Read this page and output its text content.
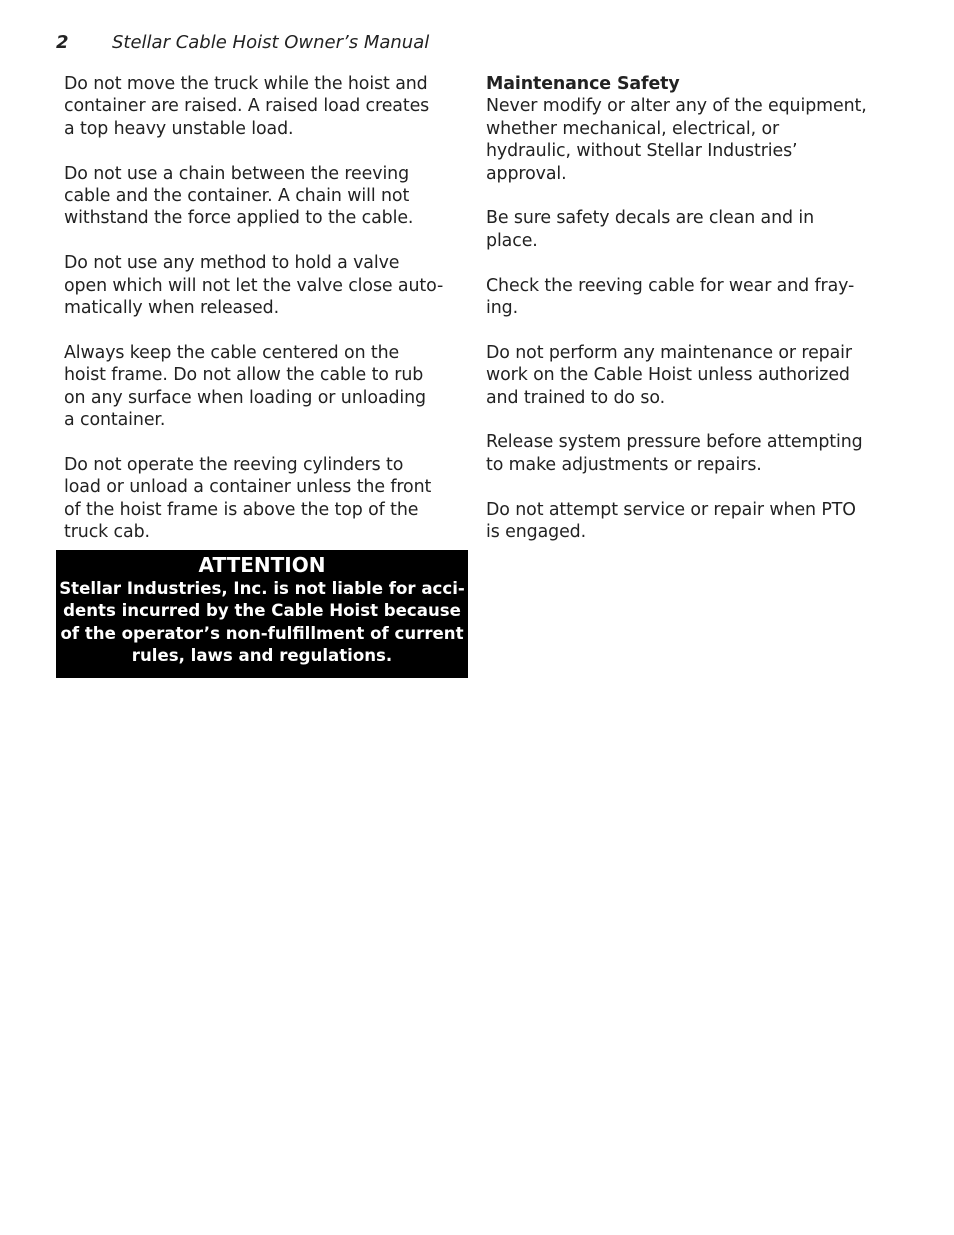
2 Stellar Cable Hoist Owner’s Manual

Do not move the truck while the hoist and
container are raised. A raised load creates
a top heavy unstable load.

Do not use a chain between the reeving
cable and the container. A chain will not
withstand the force applied to the cable.

Do not use any method to hold a valve
open which will not let the valve close auto-
matically when released.

Always keep the cable centered on the
hoist frame. Do not allow the cable to rub
on any surface when loading or unloading
a container.

Do not operate the reeving cylinders to
load or unload a container unless the front
of the hoist frame is above the top of the
truck cab.

ATTENTION
Stellar Industries, Inc. is not liable for acci-
dents incurred by the Cable Hoist because
of the operator’s non-fulfillment of current
rules, laws and regulations.

Maintenance Safety
Never modify or alter any of the equipment,
whether mechanical, electrical, or
hydraulic, without Stellar Industries’
approval.

Be sure safety decals are clean and in
place.

Check the reeving cable for wear and fray-
ing.

Do not perform any maintenance or repair
work on the Cable Hoist unless authorized
and trained to do so.

Release system pressure before attempting
to make adjustments or repairs.

Do not attempt service or repair when PTO
is engaged.
